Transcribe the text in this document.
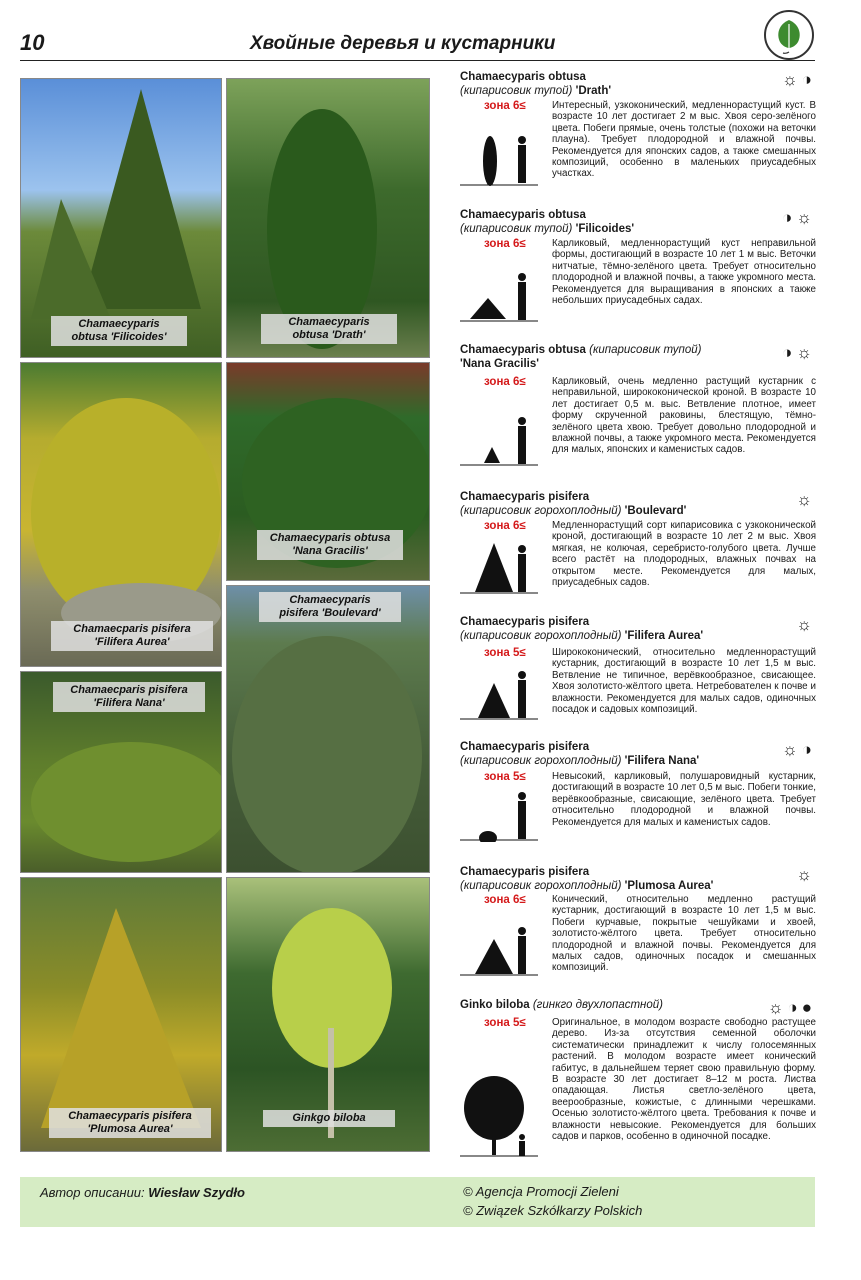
10	Хвойные деревья и кустарники
Chamaecyparis
obtusa 'Filicoides'
Chamaecyparis
obtusa 'Drath'
Chamaecparis pisifera
'Filifera Aurea'
Chamaecyparis obtusa
'Nana Gracilis'
Chamaecyparis
pisifera 'Boulevard'
Chamaecparis pisifera
'Filifera Nana'
Chamaecyparis pisifera
'Plumosa Aurea'
Ginkgo biloba
Chamaecyparis obtusa
(кипарисовик тупой) 'Drath'
☼◑
зона 6≤	Интересный, узкоконический, медленнорастущий куст. В возрасте 10 лет достигает 2 м выс. Хвоя серо-зелёного цвета. Побеги прямые, очень толстые (похожи на веточки плауна). Требует плодородной и влажной почвы. Рекомендуется для японских садов, а также смешанных композиций, особенно в маленьких приусадебных участках.
Chamaecyparis obtusa
(кипарисовик тупой) 'Filicoides'
◑☼
зона 6≤	Карликовый, медленнорастущий куст неправильной формы, достигающий в возрасте 10 лет 1 м выс. Веточки нитчатые, тёмно-зелёного цвета. Требует относительно плодородной и влажной почвы, а также укромного места. Рекомендуется для выращивания в японских а также небольших приусадебных садах.
Chamaecyparis obtusa (кипарисовик тупой)
'Nana Gracilis'
◑☼
зона 6≤	Карликовый, очень медленно растущий кустарник с неправильной, ширококонической кроной. В возрасте 10 лет достигает 0,5 м. выс. Ветвление плотное, имеет форму скрученной раковины, блестящую, тёмно-зелёного цвета хвою. Требует довольно плодородной и влажной почвы, а также укромного места. Рекомендуется для малых, японских и каменистых садов.
Chamaecyparis pisifera
(кипарисовик горохоплодный) 'Boulevard'
☼
зона 6≤	Медленнорастущий сорт кипарисовика с узкоконической кроной, достигающий в возрасте 10 лет 2 м выс. Хвоя мягкая, не колючая, серебристо-голубого цвета. Лучше всего растёт на плодородных, влажных почвах на открытом месте. Рекомендуется для малых, приусадебных садов.
Chamaecyparis pisifera
(кипарисовик горохоплодный) 'Filifera Aurea'
☼
зона 5≤	Ширококонический, относительно медленнорастущий кустарник, достигающий в возрасте 10 лет 1,5 м выс. Ветвление не типичное, верёвкообразное, свисающее. Хвоя золотисто-жёлтого цвета. Нетребователен к почве и влажности. Рекомендуется для малых садов, одиночных посадок и садовых композиций.
Chamaecyparis pisifera
(кипарисовик горохоплодный) 'Filifera Nana'
☼◑
зона 5≤	Невысокий, карликовый, полушаровидный кустарник, достигающий в возрасте 10 лет 0,5 м выс. Побеги тонкие, верёвкообразные, свисающие, зелёного цвета. Требует относительно плодородной и влажной почвы. Рекомендуется для малых и каменистых садов.
Chamaecyparis pisifera
(кипарисовик горохоплодный) 'Plumosa Aurea'
☼
зона 6≤	Конический, относительно медленно растущий кустарник, достигающий в возрасте 10 лет 1,5 м выс. Побеги курчавые, покрытые чешуйками и хвоей, золотисто-жёлтого цвета. Требует относительно плодородной и влажной почвы. Рекомендуется для малых садов, одиночных посадок и смешанных композиций.
Ginko biloba (гинкго двухлопастной)	☼◑●
зона 5≤	Оригинальное, в молодом возрасте свободно растущее дерево. Из-за отсутствия семенной оболочки систематически принадлежит к числу голосемянных растений. В молодом возрасте имеет конический габитус, в дальнейшем теряет свою правильную форму. В возрасте 30 лет достигает 8–12 м роста. Листва опадающая. Листья светло-зелёного цвета, веерообразные, кожистые, с длинными черешками. Осенью золотисто-жёлтого цвета. Требования к почве и влажности невысокие. Рекомендуется для больших садов и парков, особенно в одиночной посадке.
Автор описании: Wiesław Szydło	© Agencja Promocji Zieleni
© Związek Szkółkarzy Polskich
